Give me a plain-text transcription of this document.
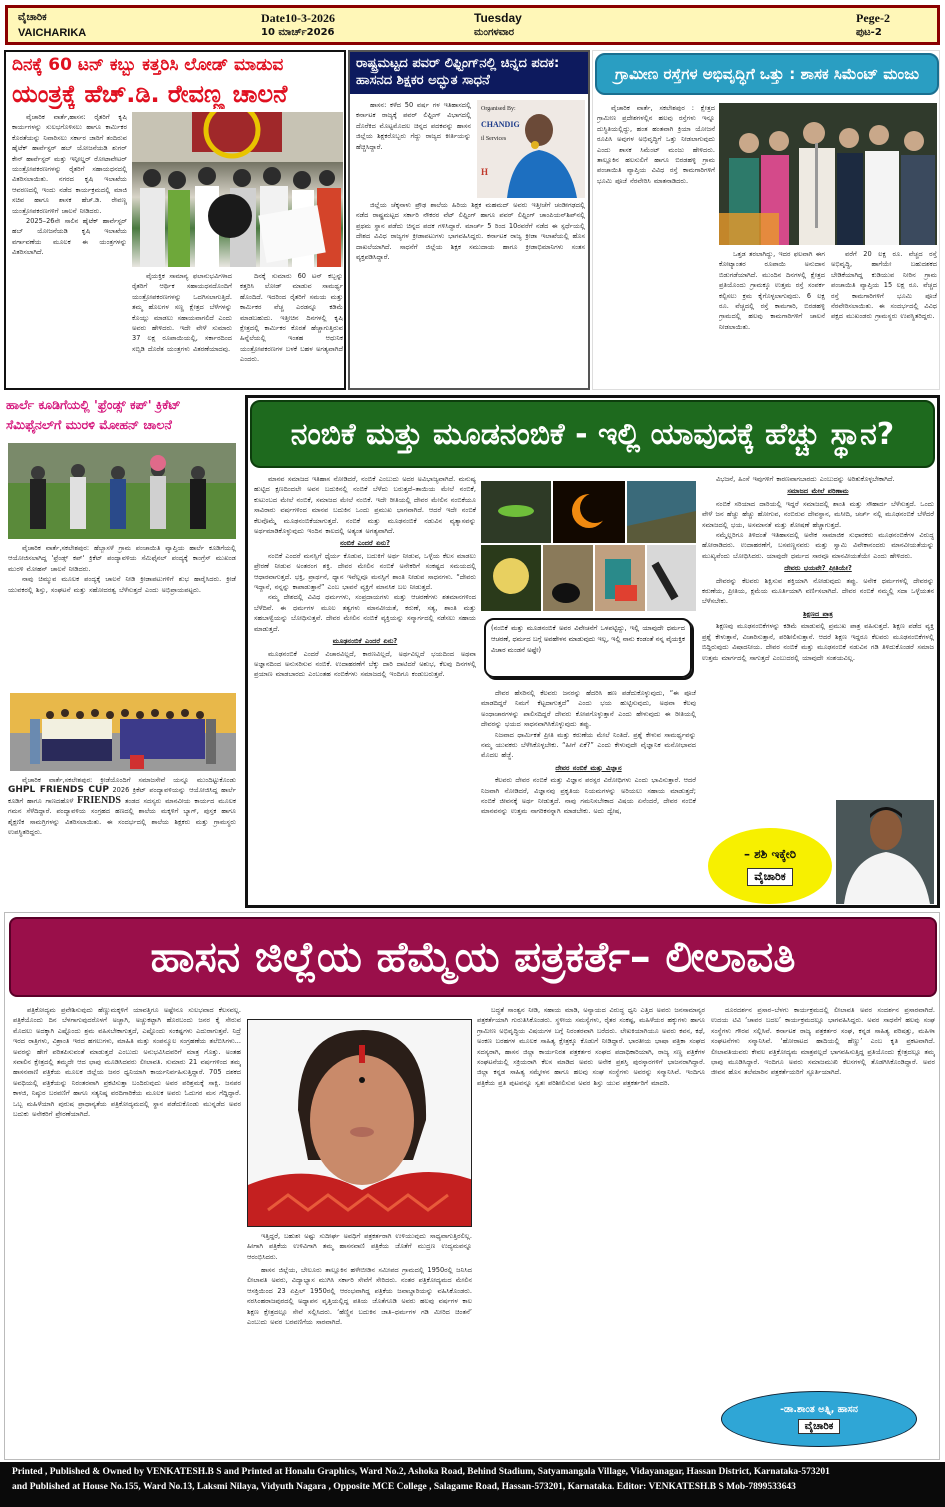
ವೈಚಾರಿಕ
VAICHARIKA
Date10-3-2026
10 ಮಾರ್ಚ್2026
Tuesday
ಮಂಗಳವಾರ
Pege-2
ಪುಟ-2
ದಿನಕ್ಕೆ 60 ಟನ್ ಕಬ್ಬು ಕತ್ತರಿಸಿ ಲೋಡ್ ಮಾಡುವ
ಯಂತ್ರಕ್ಕೆ ಹೆಚ್.ಡಿ. ರೇವಣ್ಣ ಚಾಲನೆ

ವೈಚಾರಿಕ ವಾರ್ತೆ,ಹಾಸನ: ರೈತರಿಗೆ ಕೃಷಿ ಕಾರ್ಯಗಳನ್ನು ಸುಲಭಗೊಳಿಸಲು ಹಾಗೂ ಕಾರ್ಮಿಕರ ಕೊರತೆಯನ್ನು ನಿವಾರಿಸಲು ಸರ್ಕಾರ ಜಾರಿಗೆ ತಂದಿರುವ ಹೈಟೆಕ್ ಹಾರ್ವೆಸ್ಟರ್ ಹಬ್ ಯೋಜನೆಯಡಿ ಶುಗರ್ ಕೇನ್ ಹಾರ್ವೆಸ್ಟರ್ ಮತ್ತು ಇನ್ಫೀಲ್ಡರ್ ರೋಟಾವೇಟರ್ ಯಂತ್ರೋಪಕರಣಗಳನ್ನು ರೈತರಿಗೆ ಸಹಾಯಧನದಲ್ಲಿ ವಿತರಿಸಲಾಯಿತು. ನಗರದ ಕೃಷಿ ಇಲಾಖೆಯ ಆವರಣದಲ್ಲಿ ಇಂದು ನಡೆದ ಕಾರ್ಯಕ್ರಮದಲ್ಲಿ ಮಾಜಿ ಸಚಿವ ಹಾಗೂ ಶಾಸಕ ಹೆಚ್.ಡಿ. ರೇವಣ್ಣ ಯಂತ್ರೋಪಕರಣಗಳಿಗೆ ಚಾಲನೆ ನೀಡಿದರು.

2025–26ನೇ ಸಾಲಿನ ಹೈಟೆಕ್ ಹಾರ್ವೆಸ್ಟರ್ ಹಬ್ ಯೋಜನೆಯಡಿ ಕೃಷಿ ಇಲಾಖೆಯ ವರ್ಗಾವಣೆಯ ಮೂಲಕ ಈ ಯಂತ್ರಗಳನ್ನು ವಿತರಿಸಲಾಗಿದೆ.

ವೈಯಕ್ತಿಕ ಸಾಮಾನ್ಯ ಫಲಾನುಭವಿಗಳಾದ ರೈತರಿಗೆ ಆರ್ಥಿಕ ಸಹಾಯಧನದೊಂದಿಗೆ ಯಂತ್ರೋಪಕರಣಗಳನ್ನು ಒದಗಿಸಲಾಗುತ್ತಿದೆ. ತಮ್ಮ ಹೊಲಗಳ ಸಣ್ಣ ಕ್ಷೇತ್ರದ ಬೆಳೆಗಳನ್ನು ಕೊಯ್ಲು ಮಾಡಲು ಸಹಾಯವಾಗಲಿದೆ ಎಂದು ಅವರು ಹೇಳಿದರು. ಇದೇ ವೇಳೆ ಸುಮಾರು 37 ಲಕ್ಷ ರೂಪಾಯಿಯಲ್ಲಿ, ಸರ್ಕಾರದಿಂದ ಸಬ್ಸಿಡಿ ದೊರೆತ ಯಂತ್ರಗಳು ವಿತರಣೆಯಾದವು.

ದಿನಕ್ಕೆ ಸುಮಾರು 60 ಟನ್ ಕಬ್ಬನ್ನು ಕತ್ತರಿಸಿ ಲೋಡ್ ಮಾಡುವ ಸಾಮರ್ಥ್ಯ ಹೊಂದಿದೆ. ಇದರಿಂದ ರೈತರಿಗೆ ಸಮಯ ಮತ್ತು ಕಾರ್ಮಿಕರ ವೆಚ್ಚ ಎರಡನ್ನೂ ಕಡಿಮೆ ಮಾಡಬಹುದು. ಇತ್ತೀಚಿನ ದಿನಗಳಲ್ಲಿ ಕೃಷಿ ಕ್ಷೇತ್ರದಲ್ಲಿ ಕಾರ್ಮಿಕರ ಕೊರತೆ ಹೆಚ್ಚಾಗುತ್ತಿರುವ ಹಿನ್ನೆಲೆಯಲ್ಲಿ ಇಂತಹ ಆಧುನಿಕ ಯಂತ್ರೋಪಕರಣಗಳ ಬಳಕೆ ಬಹಳ ಅಗತ್ಯವಾಗಿದೆ ಎಂದರು.

ರಾಷ್ಟ್ರಮಟ್ಟದ ಪವರ್ ಲಿಫ್ಟಿಂಗ್‌ನಲ್ಲಿ ಚಿನ್ನದ ಪದಕ: ಹಾಸನದ ಶಿಕ್ಷಕರ ಅದ್ಭುತ ಸಾಧನೆ

ಹಾಸನ: ಕಳೆದ 50 ವರ್ಷ ಗಳ ಇತಿಹಾಸದಲ್ಲಿ ಕರ್ನಾಟಕ ರಾಜ್ಯಕ್ಕೆ ಪವರ್ ಲಿಫ್ಟಿಂಗ್ ವಿಭಾಗದಲ್ಲಿ ದೊರೆಕಿದ ಮೊಟ್ಟಮೊದಲ ಚಿನ್ನದ ಪದಕವನ್ನು ಹಾಸನ ಜಿಲ್ಲೆಯ ಶಿಕ್ಷಕರೊಬ್ಬರು ಗೆದ್ದು ರಾಜ್ಯದ ಕೀರ್ತಿಯನ್ನು ಹೆಚ್ಚಿಸಿದ್ದಾರೆ.

Organised By:
CHANDIG
il Services
H

ಜಿಲ್ಲೆಯ ಚೆಕ್ಕನಾಳು ಪ್ರೌಢ ಶಾಲೆಯ ಹಿರಿಯ ಶಿಕ್ಷಕ ಮಹಮದ್ ಅವರು ಇತ್ತೀಚೆಗೆ ಚಂಡೀಗಢದಲ್ಲಿ ನಡೆದ ರಾಷ್ಟ್ರಮಟ್ಟದ ಸರ್ಕಾರಿ ನೌಕರರ ವೆಟ್ ಲಿಫ್ಟಿಂಗ್ ಹಾಗೂ ಪವರ್ ಲಿಫ್ಟಿಂಗ್ ಚಾಂಪಿಯನ್‌ಶಿಪ್‌ನಲ್ಲಿ ಪ್ರಥಮ ಸ್ಥಾನ ಪಡೆದು ಚಿನ್ನದ ಪದಕ ಗಳಿಸಿದ್ದಾರೆ. ಮಾರ್ಚ್ 5 ರಿಂದ 10ರವರೆಗೆ ನಡೆದ ಈ ಸ್ಪರ್ಧೆಯಲ್ಲಿ ದೇಶದ ವಿವಿಧ ರಾಜ್ಯಗಳ ಕ್ರೀಡಾಪಟುಗಳು ಭಾಗವಹಿಸಿದ್ದರು. ಕರ್ನಾಟಕ ರಾಜ್ಯ ಕ್ರೀಡಾ ಇಲಾಖೆಯಲ್ಲಿ ಹೊಸ ದಾಖಲೆಯಾಗಿದೆ. ಸಾಧನೆಗೆ ಜಿಲ್ಲೆಯ ಶಿಕ್ಷಕ ಸಮುದಾಯ ಹಾಗೂ ಕ್ರೀಡಾಭಿಮಾನಿಗಳು ಸಂತಸ ವ್ಯಕ್ತಪಡಿಸಿದ್ದಾರೆ.

ಗ್ರಾಮೀಣ ರಸ್ತೆಗಳ ಅಭಿವೃದ್ಧಿಗೆ ಒತ್ತು : ಶಾಸಕ ಸಿಮೆಂಟ್ ಮಂಜು

ವೈಚಾರಿಕ ವಾರ್ತೆ, ಸಕಲೇಶಪುರ : ಕ್ಷೇತ್ರದ ಗ್ರಾಮೀಣ ಪ್ರದೇಶಗಳಲ್ಲಿನ ಹಲವು ರಸ್ತೆಗಳು ಇನ್ನೂ ದುಸ್ಥಿತಿಯಲ್ಲಿದ್ದು, ಹಂತ ಹಂತವಾಗಿ ಕ್ರಿಯಾ ಯೋಜನೆ ರೂಪಿಸಿ ಅವುಗಳ ಅಭಿವೃದ್ಧಿಗೆ ಒತ್ತು ನೀಡಲಾಗುವುದು ಎಂದು ಶಾಸಕ ಸಿಮೆಂಟ್ ಮಂಜು ಹೇಳಿದರು. ತಾಲ್ಲೂಕಿನ ಹಲಸುಲಿಗೆ ಹಾಗೂ ಬಿರಡಹಳ್ಳಿ ಗ್ರಾಮ ಪಂಚಾಯಿತಿ ವ್ಯಾಪ್ತಿಯ ವಿವಿಧ ರಸ್ತೆ ಕಾಮಗಾರಿಗಳಿಗೆ ಭೂಮಿ ಪೂಜೆ ನೆರವೇರಿಸಿ ಮಾತನಾಡಿದರು.

ಒತ್ತಡ ತರಲಾಗಿದ್ದು, ಇದರ ಫಲವಾಗಿ ಈಗ ಕೋಟ್ಯಾಂತರ ರೂಪಾಯಿ ಅನುದಾನ ಬಿಡುಗಡೆಯಾಗಿದೆ. ಮುಂದಿನ ದಿನಗಳಲ್ಲಿ ಕ್ಷೇತ್ರದ ಪ್ರತಿಯೊಂದು ಗ್ರಾಮಕ್ಕೂ ಉತ್ತಮ ರಸ್ತೆ ಸಂಪರ್ಕ ಕಲ್ಪಿಸಲು ಕ್ರಮ ಕೈಗೊಳ್ಳಲಾಗುವುದು. 6 ಲಕ್ಷ ರೂ. ವೆಚ್ಚದಲ್ಲಿ ರಸ್ತೆ ಕಾಮಗಾರಿ, ಬಿರಡಹಳ್ಳಿ ಗ್ರಾಮದಲ್ಲಿ ಹಲವು ಕಾಮಗಾರಿಗಳಿಗೆ ಚಾಲನೆ ನೀಡಲಾಯಿತು.

ವರೆಗೆ 20 ಲಕ್ಷ ರೂ. ವೆಚ್ಚದ ರಸ್ತೆ ಅಭಿವೃದ್ಧಿ, ಹಾಗೆಯೇ ಬಹುದಶಕದ ಬೇಡಿಕೆಯಾಗಿದ್ದ ಕುಡಿಯುವ ನೀರಿನ ಗ್ರಾಮ ಪಂಚಾಯಿತಿ ವ್ಯಾಪ್ತಿಯ 15 ಲಕ್ಷ ರೂ. ವೆಚ್ಚದ ರಸ್ತೆ ಕಾಮಗಾರಿಗಳಿಗೆ ಭೂಮಿ ಪೂಜೆ ನೆರವೇರಿಸಲಾಯಿತು. ಈ ಸಂದರ್ಭದಲ್ಲಿ ವಿವಿಧ ಪಕ್ಷದ ಮುಖಂಡರು ಗ್ರಾಮಸ್ಥರು ಉಪಸ್ಥಿತರಿದ್ದರು.

ಹಾರ್ಲೆ ಕೂಡಿಗೆಯಲ್ಲಿ 'ಫ್ರೆಂಡ್ಸ್ ಕಪ್' ಕ್ರಿಕೆಟ್ ಸೆಮಿಫೈನಲ್‌ಗೆ ಮುರಳಿ ಮೋಹನ್ ಚಾಲನೆ

ವೈಚಾರಿಕ ವಾರ್ತೆ,ಸಕಲೇಶಪುರ: ಹೆಬ್ಬಾಸಳೆ ಗ್ರಾಮ ಪಂಚಾಯಿತಿ ವ್ಯಾಪ್ತಿಯ ಹಾರ್ಲೆ ಕೂಡಿಗೆಯಲ್ಲಿ ಆಯೋಜಿಸಲಾಗಿದ್ದ 'ಫ್ರೆಂಡ್ಸ್ ಕಪ್' ಕ್ರಿಕೆಟ್ ಪಂದ್ಯಾವಳಿಯ ಸೆಮಿಫೈನಲ್ ಪಂದ್ಯಕ್ಕೆ ಕಾಂಗ್ರೆಸ್ ಮುಖಂಡ ಮುರಳಿ ಮೋಹನ್ ಚಾಲನೆ ನೀಡಿದರು.

ನಾವು ಚಿಮ್ಮುವ ಮೂಲಕ ಪಂದ್ಯಕ್ಕೆ ಚಾಲನೆ ನೀಡಿ ಕ್ರೀಡಾಪಟುಗಳಿಗೆ ಶುಭ ಹಾರೈಸಿದರು. ಕ್ರೀಡೆ ಯುವಕರಲ್ಲಿ ಶಿಸ್ತು, ಸಂಘಟನೆ ಮತ್ತು ಸಹೋದರತ್ವ ಬೆಳೆಸುತ್ತದೆ ಎಂದು ಅಭಿಪ್ರಾಯಪಟ್ಟರು.

ವೈಚಾರಿಕ ವಾರ್ತೆ,ಸಕಲೇಶಪುರ: ಕ್ರೀಡೆಯೊಂದಿಗೆ ಸಮಾಜಸೇವೆ ಯನ್ನೂ ಮುಂದಿಟ್ಟುಕೊಂಡು GHPL FRIENDS CUP 2026 ಕ್ರಿಕೆಟ್ ಪಂದ್ಯಾವಳಿಯನ್ನು ಆಯೋಜಿಸಿದ್ದ ಹಾರ್ಲೆ ಕೂಡಿಗೆ ಹಾಗೂ ಗಾಣದಹೊಳೆ FRIENDS ತಂಡದ ಸದಸ್ಯರು ಮಾನವೀಯ ಕಾರ್ಯದ ಮೂಲಕ ಗಮನ ಸೆಳೆದಿದ್ದಾರೆ. ಪಂದ್ಯಾವಳಿಯ ಸಂಗ್ರಹದ ಹಣದಲ್ಲಿ ಶಾಲೆಯ ಮಕ್ಕಳಿಗೆ ಬ್ಯಾಗ್, ಪುಸ್ತಕ ಹಾಗೂ ಶೈಕ್ಷಣಿಕ ಸಾಮಗ್ರಿಗಳನ್ನು ವಿತರಿಸಲಾಯಿತು. ಈ ಸಂದರ್ಭದಲ್ಲಿ ಶಾಲೆಯ ಶಿಕ್ಷಕರು ಮತ್ತು ಗ್ರಾಮಸ್ಥರು ಉಪಸ್ಥಿತರಿದ್ದರು.

ನಂಬಿಕೆ ಮತ್ತು ಮೂಡನಂಬಿಕೆ - ಇಲ್ಲಿ ಯಾವುದಕ್ಕೆ ಹೆಚ್ಚು ಸ್ಥಾನ?

ಮಾನವ ಸಮಾಜದ ಇತಿಹಾಸ ನೋಡಿದರೆ, ನಂಬಿಕೆ ಎಂಬುದು ಅದರ ಅವಿಭಾಜ್ಯವಾಗಿದೆ. ಮನುಷ್ಯ ಹುಟ್ಟಿದ ಕ್ಷಣದಿಂದಲೇ ಅವನ ಬದುಕಿನಲ್ಲಿ ನಂಬಿಕೆ ಬೆಳೆದು ಬರುತ್ತದೆ–ತಾಯಿಯ ಮೇಲೆ ನಂಬಿಕೆ, ಕುಟುಂಬದ ಮೇಲೆ ನಂಬಿಕೆ, ಸಮಾಜದ ಮೇಲೆ ನಂಬಿಕೆ. ಇದೇ ರೀತಿಯಲ್ಲಿ ದೇವರ ಮೇಲಿನ ನಂಬಿಕೆಯೂ ಸಾವಿರಾರು ವರ್ಷಗಳಿಂದ ಮಾನವ ಬದುಕಿನ ಒಂದು ಪ್ರಮುಖ ಭಾಗವಾಗಿದೆ. ಆದರೆ ಇದೇ ನಂಬಿಕೆ ಕೆಲವೊಮ್ಮೆ ಮೂಢನಂಬಿಕೆಯಾಗುತ್ತದೆ. ನಂಬಿಕೆ ಮತ್ತು ಮೂಢನಂಬಿಕೆ ನಡುವಿನ ವ್ಯತ್ಯಾಸವನ್ನು ಅರ್ಥಮಾಡಿಕೊಳ್ಳುವುದು ಇಂದಿನ ಕಾಲದಲ್ಲಿ ಅತ್ಯಂತ ಅಗತ್ಯವಾಗಿದೆ.

ನಂಬಿಕೆ ಎಂದರೆ ಏನು?

ನಂಬಿಕೆ ಎಂದರೆ ಮನಸ್ಸಿಗೆ ಧೈರ್ಯ ಕೊಡುವ, ಬದುಕಿಗೆ ಅರ್ಥ ನೀಡುವ, ಒಳ್ಳೆಯ ಕೆಲಸ ಮಾಡಲು ಪ್ರೇರಣೆ ನೀಡುವ ಅಂತರಂಗ ಶಕ್ತಿ. ದೇವರ ಮೇಲಿನ ನಂಬಿಕೆ ಅನೇಕರಿಗೆ ಸಂಕಷ್ಟದ ಸಮಯದಲ್ಲಿ ಆಧಾರವಾಗುತ್ತದೆ. ಭಕ್ತಿ, ಪ್ರಾರ್ಥನೆ, ಧ್ಯಾನ ಇವೆಲ್ಲವೂ ಮನಸ್ಸಿಗೆ ಶಾಂತಿ ನೀಡುವ ಸಾಧನಗಳು. “ದೇವರು ಇದ್ದಾನೆ, ನನ್ನನ್ನು ಕಾಪಾಡುತ್ತಾನೆ” ಎಂಬ ಭಾವನೆ ವ್ಯಕ್ತಿಗೆ ಮಾನಸಿಕ ಬಲ ನೀಡುತ್ತದೆ.

ನಮ್ಮ ದೇಶದಲ್ಲಿ ವಿವಿಧ ಧರ್ಮಗಳು, ಸಂಪ್ರದಾಯಗಳು ಮತ್ತು ಆಚರಣೆಗಳು ಶತಮಾನಗಳಿಂದ ಬೆಳೆದಿವೆ. ಈ ಧರ್ಮಗಳ ಮೂಲ ತತ್ವಗಳು ಮಾನವೀಯತೆ, ಕರುಣೆ, ಸತ್ಯ, ಶಾಂತಿ ಮತ್ತು ಸಹಬಾಳ್ವೆಯನ್ನು ಬೋಧಿಸುತ್ತವೆ. ದೇವರ ಮೇಲಿನ ನಂಬಿಕೆ ವ್ಯಕ್ತಿಯನ್ನು ಸನ್ಮಾರ್ಗದಲ್ಲಿ ನಡೆಸಲು ಸಹಾಯ ಮಾಡುತ್ತದೆ.

ಮೂಢನಂಬಿಕೆ ಎಂದರೆ ಏನು?

ಮೂಢನಂಬಿಕೆ ಎಂದರೆ ವಿಚಾರವಿಲ್ಲದೆ, ಕಾರಣವಿಲ್ಲದೆ, ಅರ್ಥವಿಲ್ಲದೆ ಭಯದಿಂದ ಅಥವಾ ಅಜ್ಞಾನದಿಂದ ಅನುಸರಿಸುವ ನಂಬಿಕೆ. ಉದಾಹರಣೆಗೆ ಬೆಕ್ಕು ದಾರಿ ದಾಟಿದರೆ ಅಶುಭ, ಕೆಲವು ದಿನಗಳಲ್ಲಿ ಪ್ರಯಾಣ ಮಾಡಬಾರದು ಎಂಬಂತಹ ನಂಬಿಕೆಗಳು ಸಮಾಜದಲ್ಲಿ ಇಂದಿಗೂ ಕಂಡುಬರುತ್ತವೆ.

(ನಂಬಿಕೆ ಮತ್ತು ಮೂಡನಂಬಿಕೆ ಅವರ ವಿವೇಚನೆಗೆ ಒಳಪಟ್ಟಿದ್ದು, ಇಲ್ಲಿ ಯಾವುದೇ ಧರ್ಮದ ಆಚರಣೆ, ಧರ್ಮದ ಬಗ್ಗೆ ಅವಹೇಳನ ಮಾಡುವುದು ಇಲ್ಲ, ಇಲ್ಲಿ ನಾನು ಕಂಡಂತೆ ನನ್ನ ವೈಯಕ್ತಿಕ ವಿಚಾರ ಮಂಡನೆ ಅಷ್ಟೇ)

ದೇವರ ಹೆಸರಿನಲ್ಲಿ ಕೆಲವರು ಜನರನ್ನು ಹೆದರಿಸಿ ಹಣ ಪಡೆದುಕೊಳ್ಳುವುದು, “ಈ ಪೂಜೆ ಮಾಡದಿದ್ದರೆ ನಿಮಗೆ ಕೆಟ್ಟದಾಗುತ್ತದೆ” ಎಂದು ಭಯ ಹುಟ್ಟಿಸುವುದು, ಅಥವಾ ಕೆಲವು ಅಂಧಾಚಾರಗಳನ್ನು ಪಾಲಿಸದಿದ್ದರೆ ದೇವರು ಕೋಪಗೊಳ್ಳುತ್ತಾನೆ ಎಂದು ಹೇಳುವುದು ಈ ರೀತಿಯಲ್ಲಿ ದೇವರನ್ನು ಭಯದ ಸಾಧನವಾಗಿಸಿಕೊಳ್ಳುವುದು ತಪ್ಪು.

ನಿಜವಾದ ಧಾರ್ಮಿಕತೆ ಪ್ರೀತಿ ಮತ್ತು ಕರುಣೆಯ ಮೇಲೆ ನಿಂತಿದೆ. ಪ್ರಶ್ನೆ ಕೇಳುವ ಸಾಮರ್ಥ್ಯವನ್ನು ನಮ್ಮ ಯುವಕರು ಬೆಳೆಸಿಕೊಳ್ಳಬೇಕು. “ಹೀಗೆ ಏಕೆ?” ಎಂದು ಕೇಳುವುದೇ ವೈಜ್ಞಾನಿಕ ಮನೋಭಾವದ ಮೊದಲ ಹೆಜ್ಜೆ.

ದೇವರ ನಂಬಿಕೆ ಮತ್ತು ವಿಜ್ಞಾನ

ಕೆಲವರು ದೇವರ ನಂಬಿಕೆ ಮತ್ತು ವಿಜ್ಞಾನ ಪರಸ್ಪರ ವಿರೋಧಿಗಳು ಎಂದು ಭಾವಿಸುತ್ತಾರೆ. ಆದರೆ ನಿಜವಾಗಿ ನೋಡಿದರೆ, ವಿಜ್ಞಾನವು ಪ್ರಕೃತಿಯ ನಿಯಮಗಳನ್ನು ಅರಿಯಲು ಸಹಾಯ ಮಾಡುತ್ತದೆ; ನಂಬಿಕೆ ಜೀವನಕ್ಕೆ ಅರ್ಥ ನೀಡುತ್ತದೆ. ನಾವು ಗಮನಿಸಬೇಕಾದ ವಿಷಯ ಏನೆಂದರೆ, ದೇವರ ನಂಬಿಕೆ ಮಾನವನನ್ನು ಉತ್ತಮ ನಾಗರಿಕನನ್ನಾಗಿ ಮಾಡಬೇಕು. ಅದು ದ್ವೇಷ,

ವಿಭಜನೆ, ಹಿಂಸೆ ಇವುಗಳಿಗೆ ಕಾರಣವಾಗಬಾರದು ಎಂಬುದನ್ನು ಅರಿತುಕೊಳ್ಳಬೇಕಾಗಿದೆ.

ಸಮಾಜದ ಮೇಲೆ ಪರಿಣಾಮ

ನಂಬಿಕೆ ಸರಿಯಾದ ದಾರಿಯಲ್ಲಿ ಇದ್ದರೆ ಸಮಾಜದಲ್ಲಿ ಶಾಂತಿ ಮತ್ತು ಸೌಹಾರ್ದ ಬೆಳೆಸುತ್ತದೆ. ಒಂದು ವೇಳೆ ಜನ ಹೆಚ್ಚು ಹೆಚ್ಚು ಹೋಗುವ, ನಂಬಿರುವ ದೇವಸ್ಥಾನ, ಮಸೀದಿ, ಚರ್ಚ್ ನಲ್ಲಿ ಮೂಢನಂಬಿಕೆ ಬೆಳೆದರೆ ಸಮಾಜದಲ್ಲಿ ಭಯ, ಅಸಮಾನತೆ ಮತ್ತು ಶೋಷಣೆ ಹೆಚ್ಚಾಗುತ್ತದೆ.

ನಮ್ಮೆಲ್ಲರಿಗೂ ತಿಳಿದಂತೆ ಇತಿಹಾಸದಲ್ಲಿ ಅನೇಕ ಸಾಮಾಜಿಕ ಸುಧಾರಕರು ಮೂಢನಂಬಿಕೆಗಳ ವಿರುದ್ಧ ಹೋರಾಡಿದರು. ಉದಾಹರಣೆಗೆ, ಬಸವಣ್ಣನವರು ಮತ್ತು ಸ್ವಾಮಿ ವಿವೇಕಾನಂದರು ಮಾನವೀಯತೆಯನ್ನು ಮುಖ್ಯವೆಂದು ಬೋಧಿಸಿದರು. ಯಾವುದೇ ಧರ್ಮದ ಸಾರವೂ ಮಾನವೀಯತೆಯೇ ಎಂದು ಹೇಳಿದರು.

ದೇವರು ಭಯವೇ? ಪ್ರೀತಿಯೇ?

ದೇವರನ್ನು ಕೆಲವರು ಶಿಕ್ಷಿಸುವ ಶಕ್ತಿಯಾಗಿ ನೋಡುವುದು ತಪ್ಪು. ಅನೇಕ ಧರ್ಮಗಳಲ್ಲಿ ದೇವರನ್ನು ಕರುಣೆಯ, ಪ್ರೀತಿಯ, ಕ್ಷಮೆಯ ಮೂರ್ತಿಯಾಗಿ ವರ್ಣಿಸಲಾಗಿದೆ. ದೇವರ ನಂಬಿಕೆ ನಮ್ಮಲ್ಲಿ ಸದಾ ಒಳ್ಳೆಯತನ ಬೆಳೆಸಬೇಕು.

ಶಿಕ್ಷಣದ ಪಾತ್ರ

ಶಿಕ್ಷಣವು ಮೂಢನಂಬಿಕೆಗಳನ್ನು ಕಡಿಮೆ ಮಾಡುವಲ್ಲಿ ಪ್ರಮುಖ ಪಾತ್ರ ವಹಿಸುತ್ತದೆ. ಶಿಕ್ಷಣ ಪಡೆದ ವ್ಯಕ್ತಿ ಪ್ರಶ್ನೆ ಕೇಳುತ್ತಾನೆ, ವಿಚಾರಿಸುತ್ತಾನೆ, ಪರಿಶೀಲಿಸುತ್ತಾನೆ. ಆದರೆ ಶಿಕ್ಷಣ ಇದ್ದರೂ ಕೆಲವರು ಮೂಢನಂಬಿಕೆಗಳಲ್ಲಿ ಬಿದ್ದಿರುವುದು ವಿಷಾದನೀಯ. ದೇವರ ನಂಬಿಕೆ ಮತ್ತು ಮೂಢನಂಬಿಕೆ ನಡುವಿನ ಗಡಿ ತಿಳಿದುಕೊಂಡರೆ ಸಮಾಜ ಉತ್ತಮ ಮಾರ್ಗದಲ್ಲಿ ಸಾಗುತ್ತದೆ ಎಂಬುದರಲ್ಲಿ ಯಾವುದೇ ಸಂಶಯವಿಲ್ಲ.

– ಶಶಿ ಇಕ್ಕೇರಿ
ವೈಚಾರಿಕ
ಹಾಸನ ಜಿಲ್ಲೆಯ ಹೆಮ್ಮೆಯ ಪತ್ರಕರ್ತೆ– ಲೀಲಾವತಿ

ಪತ್ರಿಕೋದ್ಯಮ ಪ್ರವೇಶಿಸುವುದು ಹೆಣ್ಣುಮಕ್ಕಳಿಗೆ ಯಾವತ್ತಿಗೂ ಅಷ್ಟೇನೂ ಸುಲಭವಾದ ಕೆಲಸವಲ್ಲ. ಪತ್ರಿಕೆಯೊಂದು ದಿನ ಬೆಳಗಾಗುವುದರೊಳಗೆ ಅಚ್ಚಾಗಿ, ಅಚ್ಚುಕಟ್ಟಾಗಿ ಹೊರಬಂದು ಜನರ ಕೈ ಸೇರುವ ಮೊದಲು ಅದಕ್ಕಾಗಿ ಎಷ್ಟೊಂದು ಶ್ರಮ ವಹಿಸಬೇಕಾಗುತ್ತದೆ, ಎಷ್ಟೊಂದು ಸಂಕಷ್ಟಗಳು ಎದುರಾಗುತ್ತವೆ. ನಿದ್ರೆ ಇರದ ರಾತ್ರಿಗಳು, ವಿಶ್ರಾಂತಿ ಇರದ ಹಗಲುಗಳು, ಮಾಹಿತಿ ಮತ್ತು ಸಂಪನ್ಮೂಲ ಸಂಗ್ರಹಣೆಯ ತಲೆಬಿಸಿಗಳು... ಅವರನ್ನು ಹೇಗೆ ಪರಿತಪಿಸುವಂತೆ ಮಾಡುತ್ತದೆ ಎಂಬುದು ಅನುಭವಿಸಿದವರಿಗೆ ಮಾತ್ರ ಗೊತ್ತು. ಅಂತಹ ಸವಾಲಿನ ಕ್ಷೇತ್ರದಲ್ಲಿ ತಮ್ಮದೇ ಆದ ಛಾಪು ಮೂಡಿಸಿದವರು ಲೀಲಾವತಿ. ಸುಮಾರು 21 ವರ್ಷಗಳಿಂದ ತಮ್ಮ ಹಾಸನವಾಣಿ ಪತ್ರಿಕೆಯ ಮೂಲಕ ಜಿಲ್ಲೆಯ ಜನರ ಧ್ವನಿಯಾಗಿ ಕಾರ್ಯನಿರ್ವಹಿಸುತ್ತಿದ್ದಾರೆ. 705 ದಶಕದ ಅವಧಿಯಲ್ಲಿ ಪತ್ರಿಕೆಯನ್ನು ನಿರಂತರವಾಗಿ ಪ್ರಕಟಿಸುತ್ತಾ ಬಂದಿರುವುದು ಅವರ ಪರಿಶ್ರಮಕ್ಕೆ ಸಾಕ್ಷಿ. ಜನಪರ ಕಾಳಜಿ, ನಿಷ್ಠುರ ಬರವಣಿಗೆ ಹಾಗೂ ಸತ್ಯನಿಷ್ಠ ವರದಿಗಾರಿಕೆಯ ಮೂಲಕ ಅವರು ಓದುಗರ ಮನ ಗೆದ್ದಿದ್ದಾರೆ. ಒಬ್ಬ ಮಹಿಳೆಯಾಗಿ ಪುರುಷ ಪ್ರಾಧಾನ್ಯತೆಯ ಪತ್ರಿಕೋದ್ಯಮದಲ್ಲಿ ಸ್ಥಾನ ಪಡೆದುಕೊಂಡು ಮುನ್ನಡೆದ ಅವರ ಬದುಕು ಅನೇಕರಿಗೆ ಪ್ರೇರಣೆಯಾಗಿದೆ.

ಇತ್ತಿದ್ದರೆ, ಬಹುಶಃ ಅಷ್ಟು ಸುದೀರ್ಘ ಅವಧಿಗೆ ಪತ್ರಕರ್ತರಾಗಿ ಉಳಿಯುವುದು ಸಾಧ್ಯವಾಗುತ್ತಿರಲಿಲ್ಲ. ಹೀಗಾಗಿ ಪತ್ರಿಕೆಯ ಉಳಿವಿಗಾಗಿ ತಮ್ಮ ಹಾಸನವಾಣಿ ಪತ್ರಿಕೆಯ ಜೊತೆಗೆ ಮುದ್ರಣ ಉದ್ಯಮವನ್ನೂ ಆರಂಭಿಸಿದರು.

ಹಾಸನ ಜಿಲ್ಲೆಯ, ಬೇಲೂರು ತಾಲ್ಲೂಕಿನ ಹಳೇಬೀಡಿನ ಸಮೀಪದ ಗ್ರಾಮದಲ್ಲಿ 1950ರಲ್ಲಿ ಜನಿಸಿದ ಲೀಲಾವತಿ ಅವರು, ವಿದ್ಯಾಭ್ಯಾಸ ಮುಗಿಸಿ ಸರ್ಕಾರಿ ಸೇವೆಗೆ ಸೇರಿದರು. ನಂತರ ಪತ್ರಿಕೋದ್ಯಮದ ಮೇಲಿನ ಆಸಕ್ತಿಯಿಂದ 23 ಏಪ್ರಿಲ್ 1950ರಲ್ಲಿ ಆರಂಭವಾಗಿದ್ದ ಪತ್ರಿಕೆಯ ಜವಾಬ್ದಾರಿಯನ್ನು ವಹಿಸಿಕೊಂಡರು. ನರಸಿಂಹರಾಜಪುರದಲ್ಲಿ ಅಧ್ಯಾಪನ ವೃತ್ತಿಯಲ್ಲಿದ್ದ ಪತಿಯ ಜೊತೆಗೂಡಿ ಅವರು ಹಲವು ವರ್ಷಗಳ ಕಾಲ ಶಿಕ್ಷಣ ಕ್ಷೇತ್ರದಲ್ಲೂ ಸೇವೆ ಸಲ್ಲಿಸಿದರು. ‘ಹೆಣ್ಣಿನ ಬದುಕಿನ ಜಾತಿ–ಧರ್ಮಗಳ ಗಡಿ ಮೀರಿದ ಚಿಂತನೆ’ ಎಂಬುದು ಅವರ ಬರವಣಿಗೆಯ ಸಾರವಾಗಿದೆ.

ಬದ್ಧತೆ ಸಾಂತ್ವನ ನೀಡಿ, ಸಹಾಯ ಮಾಡಿ, ಅನ್ಯಾಯದ ವಿರುದ್ಧ ಧ್ವನಿ ಎತ್ತಿದ ಅವರು ಜನಸಾಮಾನ್ಯರ ಪತ್ರಕರ್ತೆಯಾಗಿ ಗುರುತಿಸಿಕೊಂಡರು. ಸ್ಥಳೀಯ ಸಮಸ್ಯೆಗಳು, ರೈತರ ಸಂಕಷ್ಟ, ಮಹಿಳೆಯರ ಹಕ್ಕುಗಳು ಹಾಗೂ ಗ್ರಾಮೀಣ ಅಭಿವೃದ್ಧಿಯ ವಿಷಯಗಳ ಬಗ್ಗೆ ನಿರಂತರವಾಗಿ ಬರೆದರು. ಲೇಖಕಿಯಾಗಿಯೂ ಅವರು ಕವನ, ಕಥೆ, ಅಂಕಣ ಬರಹಗಳ ಮೂಲಕ ಸಾಹಿತ್ಯ ಕ್ಷೇತ್ರಕ್ಕೂ ಕೊಡುಗೆ ನೀಡಿದ್ದಾರೆ. ಭಾರತೀಯ ಭಾಷಾ ಪತ್ರಿಕಾ ಸಂಘದ ಸದಸ್ಯರಾಗಿ, ಹಾಸನ ಜಿಲ್ಲಾ ಕಾರ್ಯನಿರತ ಪತ್ರಕರ್ತರ ಸಂಘದ ಪದಾಧಿಕಾರಿಯಾಗಿ, ರಾಜ್ಯ ಸಣ್ಣ ಪತ್ರಿಕೆಗಳ ಸಂಘಟನೆಯಲ್ಲಿ ಸಕ್ರಿಯರಾಗಿ ಕೆಲಸ ಮಾಡಿದ ಅವರು ಅನೇಕ ಪ್ರಶಸ್ತಿ ಪುರಸ್ಕಾರಗಳಿಗೆ ಭಾಜನರಾಗಿದ್ದಾರೆ. ಜಿಲ್ಲಾ ಕನ್ನಡ ಸಾಹಿತ್ಯ ಸಮ್ಮೇಳನ ಹಾಗೂ ಹಲವು ಸಂಘ ಸಂಸ್ಥೆಗಳು ಅವರನ್ನು ಸನ್ಮಾನಿಸಿವೆ. ಇಂದಿಗೂ ಪತ್ರಿಕೆಯ ಪ್ರತಿ ಪುಟವನ್ನೂ ಸ್ವತಃ ಪರಿಶೀಲಿಸುವ ಅವರ ಶಿಸ್ತು ಯುವ ಪತ್ರಕರ್ತರಿಗೆ ಮಾದರಿ.

ದೂರದರ್ಶನ ಪ್ರಸಾರ–ಬೆಳಗು ಕಾರ್ಯಕ್ರಮದಲ್ಲಿ ಲೀಲಾವತಿ ಅವರ ಸಂದರ್ಶನ ಪ್ರಸಾರವಾಗಿದೆ. ಉದಯ ಟಿವಿ ‘ಚಾವರ ಬದಲ’ ಕಾರ್ಯಕ್ರಮದಲ್ಲೂ ಭಾಗವಹಿಸಿದ್ದರು. ಅವರ ಸಾಧನೆಗೆ ಹಲವು ಸಂಘ ಸಂಸ್ಥೆಗಳು ಗೌರವ ಸಲ್ಲಿಸಿವೆ. ಕರ್ನಾಟಕ ರಾಜ್ಯ ಪತ್ರಕರ್ತರ ಸಂಘ, ಕನ್ನಡ ಸಾಹಿತ್ಯ ಪರಿಷತ್ತು, ಮಹಿಳಾ ಸಂಘಟನೆಗಳು ಸನ್ಮಾನಿಸಿವೆ. ‘ಹೋರಾಟದ ಹಾದಿಯಲ್ಲಿ ಹೆಣ್ಣು’ ಎಂಬ ಕೃತಿ ಪ್ರಕಟವಾಗಿದೆ. ಲೀಲಾವತಿಯವರು ಕೇವಲ ಪತ್ರಿಕೋದ್ಯಮ ಮಾತ್ರವಲ್ಲದೆ ಭಾಗವಹಿಸುತ್ತಿದ್ದ ಪ್ರತಿಯೊಂದು ಕ್ಷೇತ್ರದಲ್ಲೂ ತಮ್ಮ ಛಾಪು ಮೂಡಿಸಿದ್ದಾರೆ. ಇಂದಿಗೂ ಅವರು ಸಮಾಜಮುಖಿ ಕೆಲಸಗಳಲ್ಲಿ ತೊಡಗಿಸಿಕೊಂಡಿದ್ದಾರೆ. ಅವರ ಜೀವನ ಹೊಸ ತಲೆಮಾರಿನ ಪತ್ರಕರ್ತೆಯರಿಗೆ ಸ್ಫೂರ್ತಿಯಾಗಿದೆ.

-ಡಾ.ಶಾಂತ ಅತ್ನಿ, ಹಾಸನ
ವೈಚಾರಿಕ
Printed , Published & Owned by VENKATESH.B S and Printed at Honalu Graphics, Ward No.2, Ashoka Road, Behind Stadium, Satyamangala Village, Vidayanagar, Hassan District, Karnataka-573201
and Published at House No.155, Ward No.13, Laksmi Nilaya, Vidyuth Nagara , Opposite MCE College , Salagame Road, Hassan-573201, Karnataka. Editor: VENKATESH.B S Mob-7899533643
